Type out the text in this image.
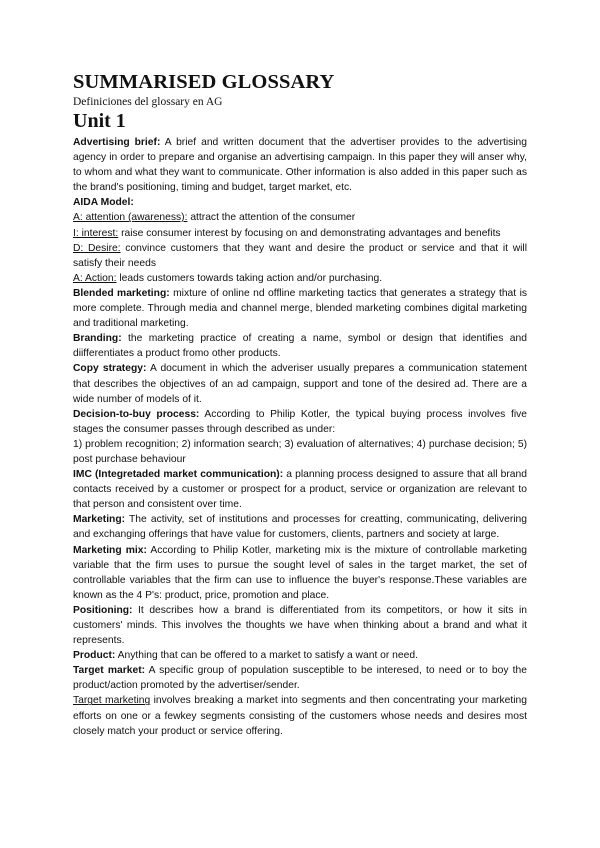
SUMMARISED GLOSSARY

Definiciones del glossary en AG

Unit 1

Advertising brief: A brief and written document that the advertiser provides to the advertising agency in order to prepare and organise an advertising campaign. In this paper they will anser why, to whom and what they want to communicate. Other information is also added in this paper such as the brand's positioning, timing and budget, target market, etc.

AIDA Model:

A: attention (awareness): attract the attention of the consumer

I: interest: raise consumer interest by focusing on and demonstrating advantages and benefits

D: Desire: convince customers that they want and desire the product or service and that it will satisfy their needs

A: Action: leads customers towards taking action and/or purchasing.

Blended marketing: mixture of online nd offline marketing tactics that generates a strategy that is more complete. Through media and channel merge, blended marketing combines digital marketing and traditional marketing.

Branding: the marketing practice of creating a name, symbol or design that identifies and diifferentiates a product fromo other products.

Copy strategy: A document in which the adveriser usually prepares a communication statement that describes the objectives of an ad campaign, support and tone of the desired ad. There are a wide number of models of it.

Decision-to-buy process: According to Philip Kotler, the typical buying process involves five stages the consumer passes through described as under:

1) problem recognition; 2) information search; 3) evaluation of alternatives; 4) purchase decision; 5) post purchase behaviour

IMC (Integretaded market communication): a planning process designed to assure that all brand contacts received by a customer or prospect for a product, service or organization are relevant to that person and consistent over time.

Marketing: The activity, set of institutions and processes for creatting, communicating, delivering and exchanging offerings that have value for customers, clients, partners and society at large.

Marketing mix: According to Philip Kotler, marketing mix is the mixture of controllable marketing variable that the firm uses to pursue the sought level of sales in the target market, the set of controllable variables that the firm can use to influence the buyer's response.These variables are known as the 4 P's: product, price, promotion and place.

Positioning: It describes how a brand is differentiated from its competitors, or how it sits in customers' minds. This involves the thoughts we have when thinking about a brand and what it represents.

Product: Anything that can be offered to a market to satisfy a want or need.

Target market: A specific group of population susceptible to be interesed, to need or to boy the product/action promoted by the advertiser/sender.

Target marketing involves breaking a market into segments and then concentrating your marketing efforts on one or a fewkey segments consisting of the customers whose needs and desires most closely match your product or service offering.
